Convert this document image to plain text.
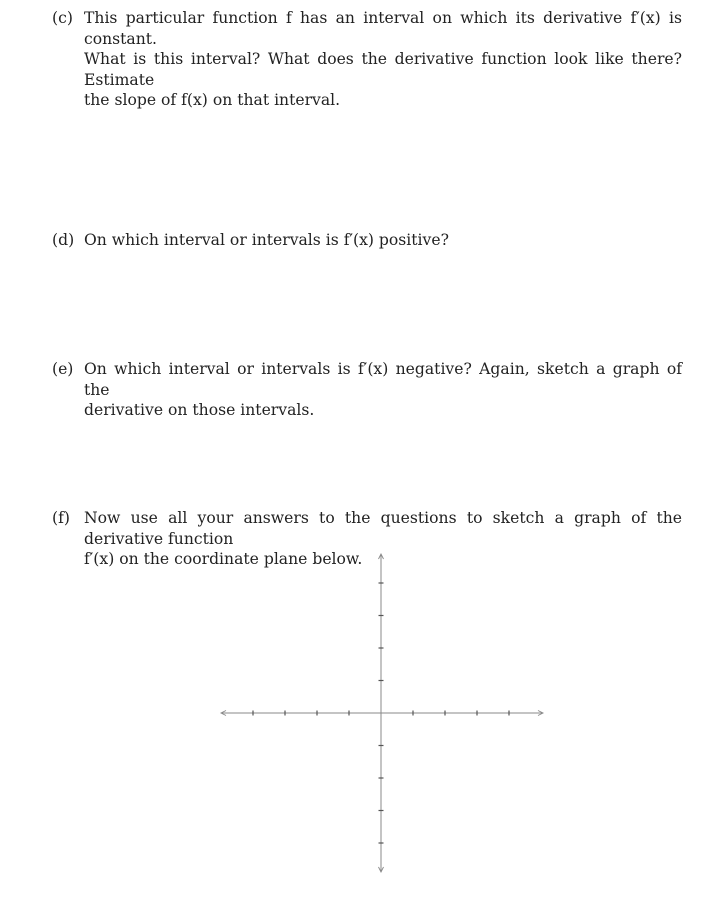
(c) This particular function f has an interval on which its derivative f′(x) is constant.
What is this interval? What does the derivative function look like there? Estimate
the slope of f(x) on that interval.
(d) On which interval or intervals is f′(x) positive?
(e) On which interval or intervals is f′(x) negative? Again, sketch a graph of the
derivative on those intervals.
(f) Now use all your answers to the questions to sketch a graph of the derivative function
f′(x) on the coordinate plane below.
